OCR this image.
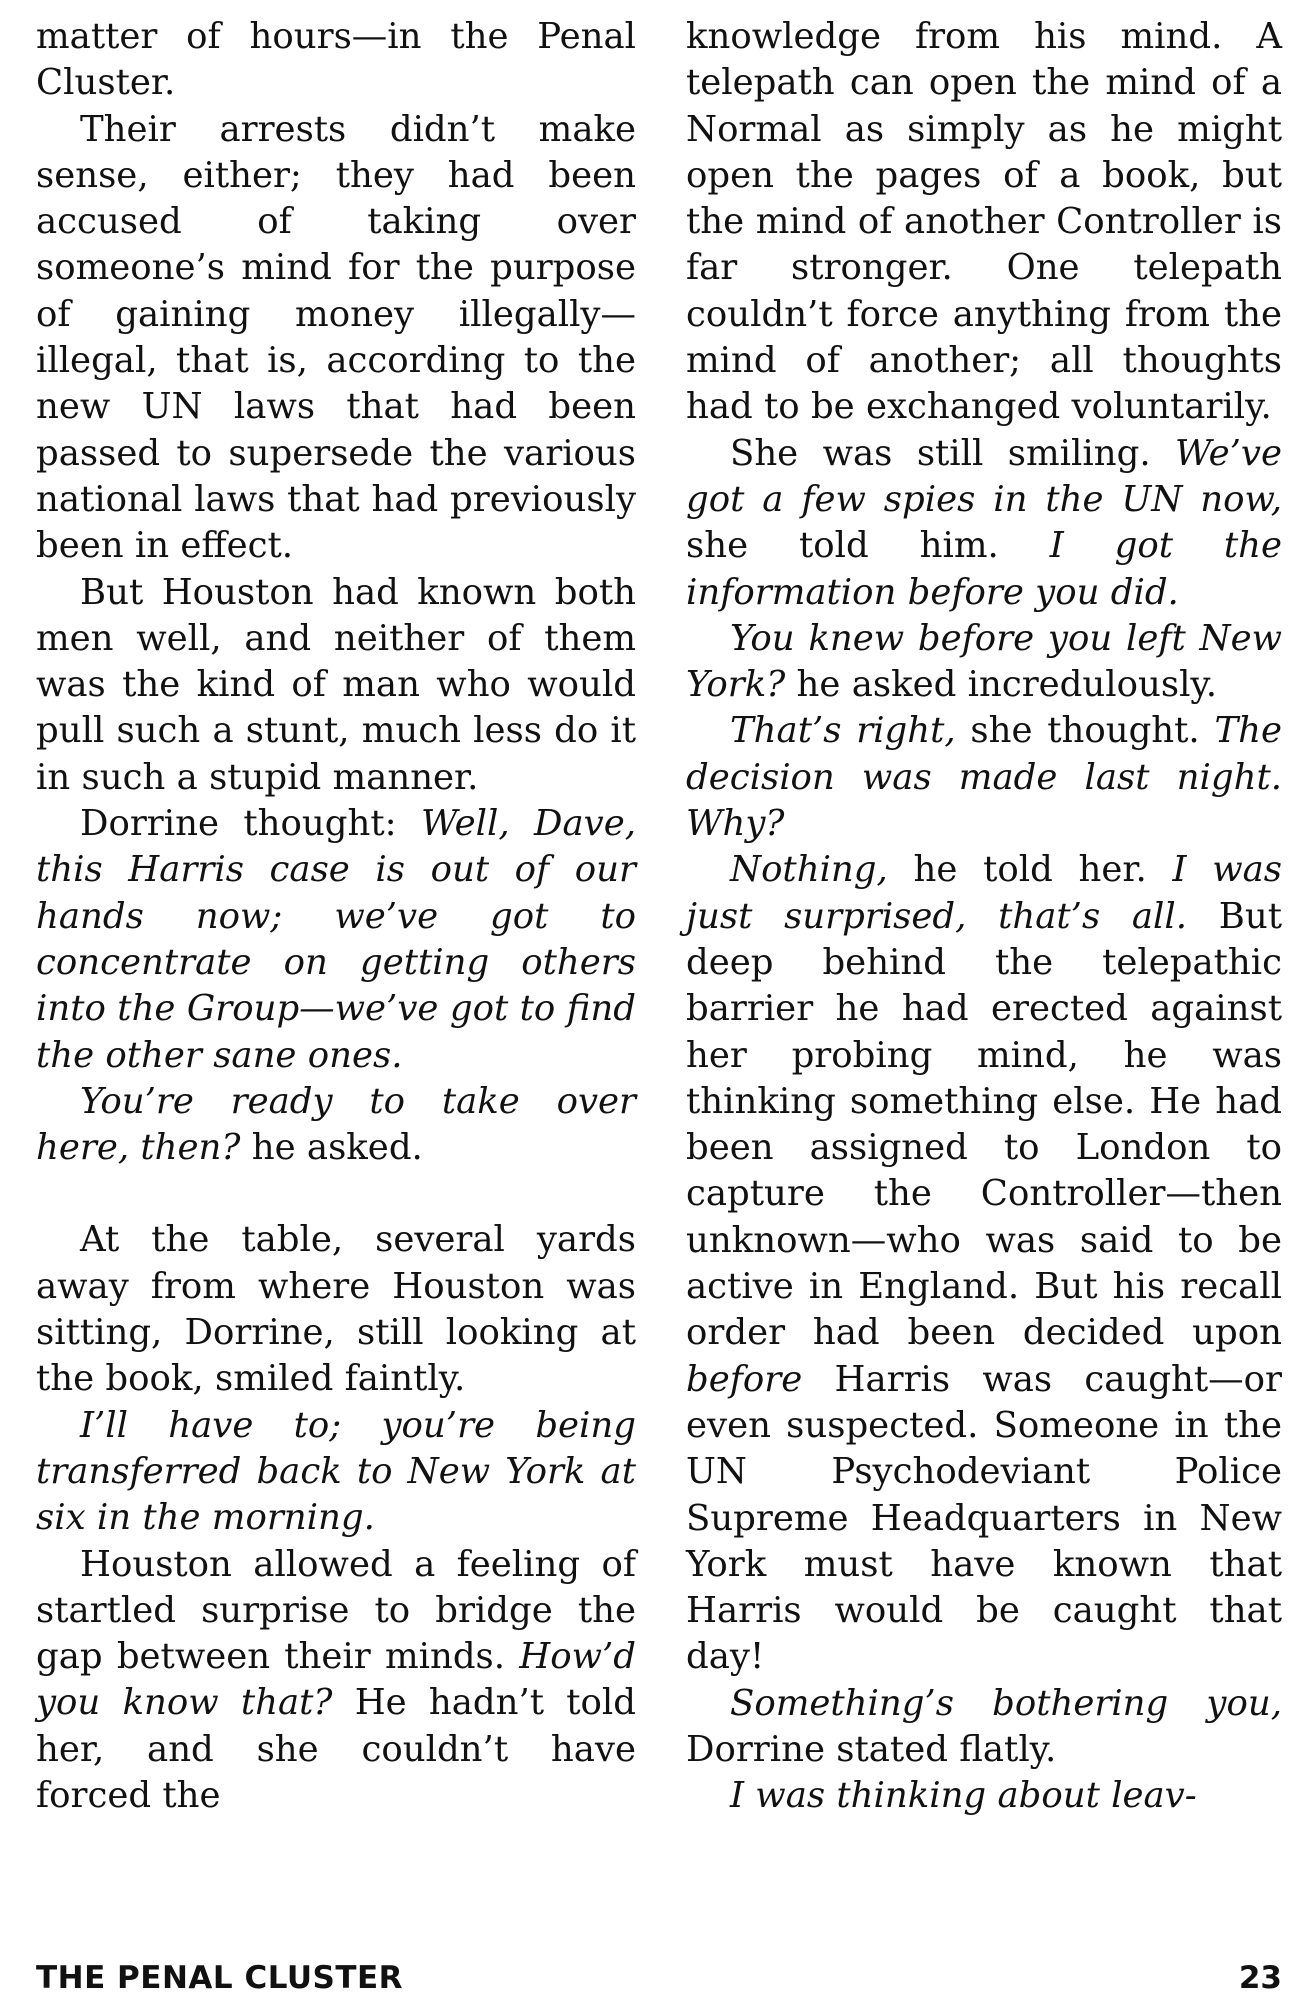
matter of hours—in the Penal Cluster.

Their arrests didn’t make sense, either; they had been accused of taking over someone’s mind for the purpose of gaining money illegally—illegal, that is, according to the new UN laws that had been passed to supersede the various national laws that had previously been in effect.

But Houston had known both men well, and neither of them was the kind of man who would pull such a stunt, much less do it in such a stupid manner.

Dorrine thought: Well, Dave, this Harris case is out of our hands now; we’ve got to concentrate on getting others into the Group—we’ve got to find the other sane ones.

You’re ready to take over here, then? he asked.

At the table, several yards away from where Houston was sitting, Dorrine, still looking at the book, smiled faintly.

I’ll have to; you’re being transferred back to New York at six in the morning.

Houston allowed a feeling of startled surprise to bridge the gap between their minds. How’d you know that? He hadn’t told her, and she couldn’t have forced the

knowledge from his mind. A telepath can open the mind of a Normal as simply as he might open the pages of a book, but the mind of another Controller is far stronger. One telepath couldn’t force anything from the mind of another; all thoughts had to be exchanged voluntarily.

She was still smiling. We’ve got a few spies in the UN now, she told him. I got the information before you did.

You knew before you left New York? he asked incredulously.

That’s right, she thought. The decision was made last night. Why?

Nothing, he told her. I was just surprised, that’s all. But deep behind the telepathic barrier he had erected against her probing mind, he was thinking something else. He had been assigned to London to capture the Controller—then unknown—who was said to be active in England. But his recall order had been decided upon before Harris was caught—or even suspected. Someone in the UN Psychodeviant Police Supreme Headquarters in New York must have known that Harris would be caught that day!

Something’s bothering you, Dorrine stated flatly.

I was thinking about leav-

THE PENAL CLUSTER	23
